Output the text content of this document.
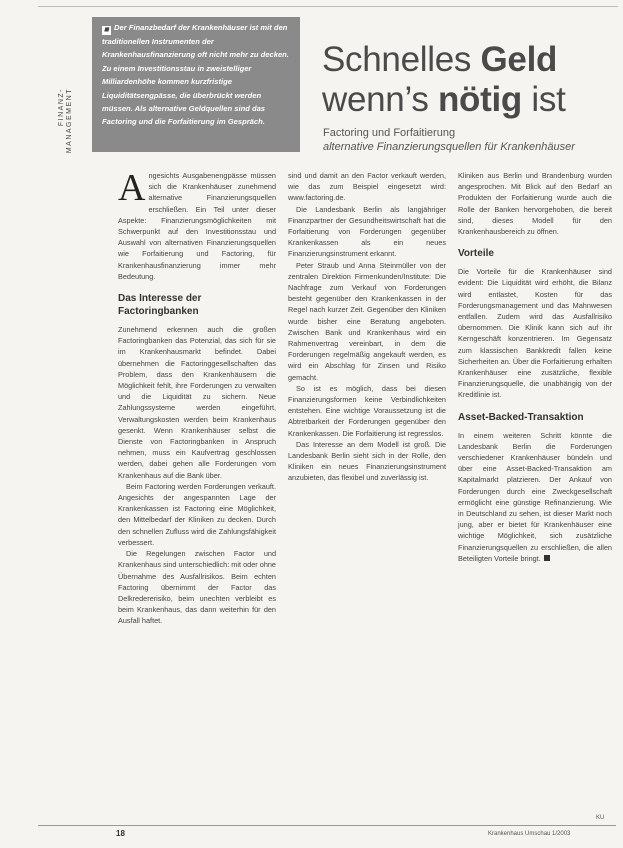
FINANZ- MANAGEMENT
◼ Der Finanzbedarf der Krankenhäuser ist mit den traditionellen Instrumenten der Krankenhausfinanzierung oft nicht mehr zu decken. Zu einem Investitionsstau in zweistelliger Milliardenhöhe kommen kurzfristige Liquiditätsengpässe, die überbrückt werden müssen. Als alternative Geldquellen sind das Factoring und die Forfaitierung im Gespräch.
Schnelles Geld
wenn’s nötig ist
Factoring und Forfaitierung
alternative Finanzierungsquellen für Krankenhäuser

Angesichts Ausgabenengpässe müssen sich die Krankenhäuser zunehmend alternative Finanzierungsquellen erschließen. Ein Teil unter dieser Aspekte: Finanzierungsmöglichkeiten mit Schwerpunkt auf den Investitionsstau und Auswahl von alternativen Finanzierungsquellen wie Forfaitierung und Factoring, für Krankenhausfinanzierung immer mehr Bedeutung.

Das Interesse der Factoringbanken

Zunehmend erkennen auch die großen Factoringbanken das Potenzial, das sich für sie im Krankenhausmarkt befindet. Dabei übernehmen die Factoringgesellschaften das Problem, dass den Krankenhäusern die Möglichkeit fehlt, ihre Forderungen zu verwalten und die Liquidität zu sichern. Neue Zahlungssysteme werden eingeführt, Verwaltungskosten werden beim Krankenhaus gesenkt. Wenn Krankenhäuser selbst die Dienste von Factoringbanken in Anspruch nehmen, muss ein Kaufvertrag geschlossen werden, dabei gehen alle Forderungen vom Krankenhaus auf die Bank über.

Beim Factoring werden Forderungen verkauft. Angesichts der angespannten Lage der Krankenkassen ist Factoring eine Möglichkeit, den Mittelbedarf der Kliniken zu decken. Durch den schnellen Zufluss wird die Zahlungsfähigkeit verbessert.

Die Regelungen zwischen Factor und Krankenhaus sind unterschiedlich: mit oder ohne Übernahme des Ausfallrisikos. Beim echten Factoring übernimmt der Factor das Delkredererisiko, beim unechten verbleibt es beim Krankenhaus, das dann weiterhin für den Ausfall haftet.

sind und damit an den Factor verkauft werden, wie das zum Beispiel eingesetzt wird: www.factoring.de.

Die Landesbank Berlin als langjähriger Finanzpartner der Gesundheitswirtschaft hat die Forfaitierung von Forderungen gegenüber Krankenkassen als ein neues Finanzierungsinstrument erkannt.

Peter Straub und Anna Steinmüller von der zentralen Direktion Firmenkunden/Institute: Die Nachfrage zum Verkauf von Forderungen besteht gegenüber den Krankenkassen in der Regel nach kurzer Zeit. Gegenüber den Kliniken wurde bisher eine Beratung angeboten. Zwischen Bank und Krankenhaus wird ein Rahmenvertrag vereinbart, in dem die Forderungen regelmäßig angekauft werden, es wird ein Abschlag für Zinsen und Risiko gemacht.

So ist es möglich, dass bei diesen Finanzierungsformen keine Verbindlichkeiten entstehen. Eine wichtige Voraussetzung ist die Abtretbarkeit der Forderungen gegenüber den Krankenkassen. Die Forfaitierung ist regresslos.

Das Interesse an dem Modell ist groß. Die Landesbank Berlin sieht sich in der Rolle, den Kliniken ein neues Finanzierungsinstrument anzubieten, das flexibel und zuverlässig ist.

Kliniken aus Berlin und Brandenburg wurden angesprochen. Mit Blick auf den Bedarf an Produkten der Forfaitierung wurde auch die Rolle der Banken hervorgehoben, die bereit sind, dieses Modell für den Krankenhausbereich zu öffnen.

Vorteile

Die Vorteile für die Krankenhäuser sind evident: Die Liquidität wird erhöht, die Bilanz wird entlastet, Kosten für das Forderungsmanagement und das Mahnwesen entfallen. Zudem wird das Ausfallrisiko übernommen. Die Klinik kann sich auf ihr Kerngeschäft konzentrieren. Im Gegensatz zum klassischen Bankkredit fallen keine Sicherheiten an. Über die Forfaitierung erhalten Krankenhäuser eine zusätzliche, flexible Finanzierungsquelle, die unabhängig von der Kreditlinie ist.

Asset-Backed-Transaktion

In einem weiteren Schritt könnte die Landesbank Berlin die Forderungen verschiedener Krankenhäuser bündeln und über eine Asset-Backed-Transaktion am Kapitalmarkt platzieren. Der Ankauf von Forderungen durch eine Zweckgesellschaft ermöglicht eine günstige Refinanzierung. Wie in Deutschland zu sehen, ist dieser Markt noch jung, aber er bietet für Krankenhäuser eine wichtige Möglichkeit, sich zusätzliche Finanzierungsquellen zu erschließen, die allen Beteiligten Vorteile bringt.

KU
18	Krankenhaus Umschau 1/2003
